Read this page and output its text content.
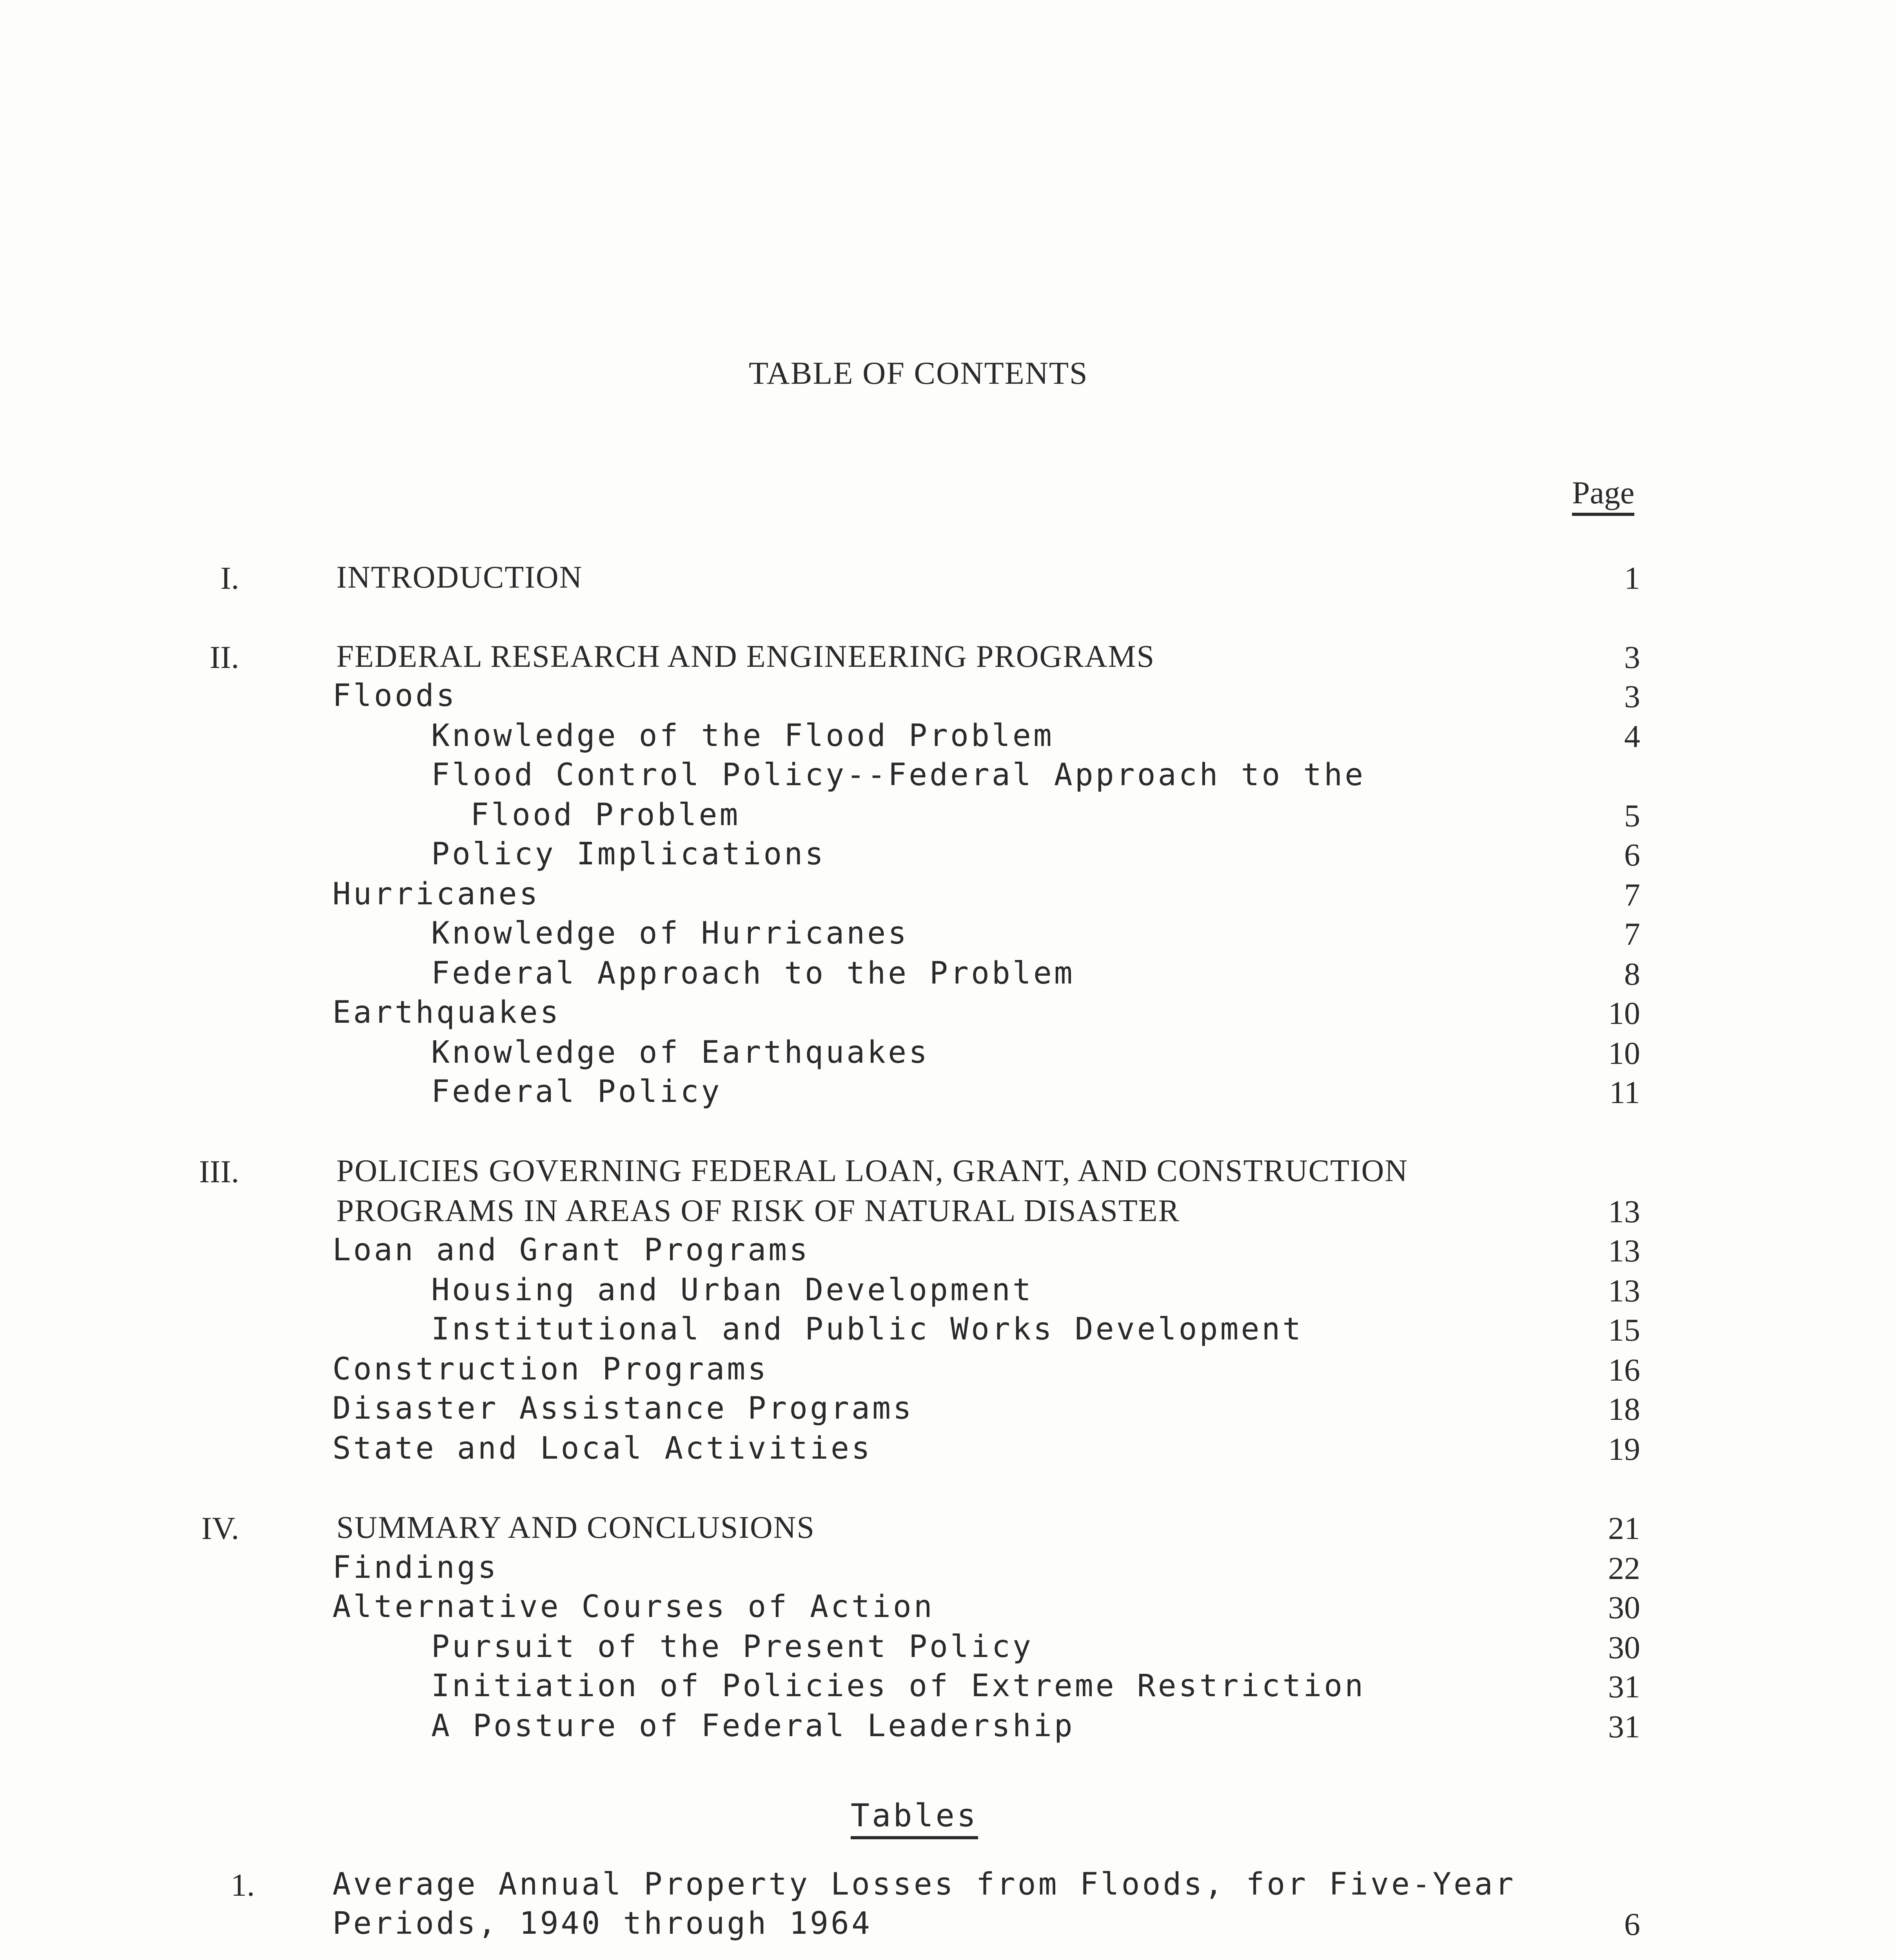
TABLE OF CONTENTS
Page
I.	INTRODUCTION	1
II.	FEDERAL RESEARCH AND ENGINEERING PROGRAMS	3
Floods	3
Knowledge of the Flood Problem	4
Flood Control Policy--Federal Approach to the
Flood Problem	5
Policy Implications	6
Hurricanes	7
Knowledge of Hurricanes	7
Federal Approach to the Problem	8
Earthquakes	10
Knowledge of Earthquakes	10
Federal Policy	11
III.	POLICIES GOVERNING FEDERAL LOAN, GRANT, AND CONSTRUCTION
PROGRAMS IN AREAS OF RISK OF NATURAL DISASTER	13
Loan and Grant Programs	13
Housing and Urban Development	13
Institutional and Public Works Development	15
Construction Programs	16
Disaster Assistance Programs	18
State and Local Activities	19
IV.	SUMMARY AND CONCLUSIONS	21
Findings	22
Alternative Courses of Action	30
Pursuit of the Present Policy	30
Initiation of Policies of Extreme Restriction	31
A Posture of Federal Leadership	31
Tables
1.	Average Annual Property Losses from Floods, for Five-Year
Periods, 1940 through 1964	6
